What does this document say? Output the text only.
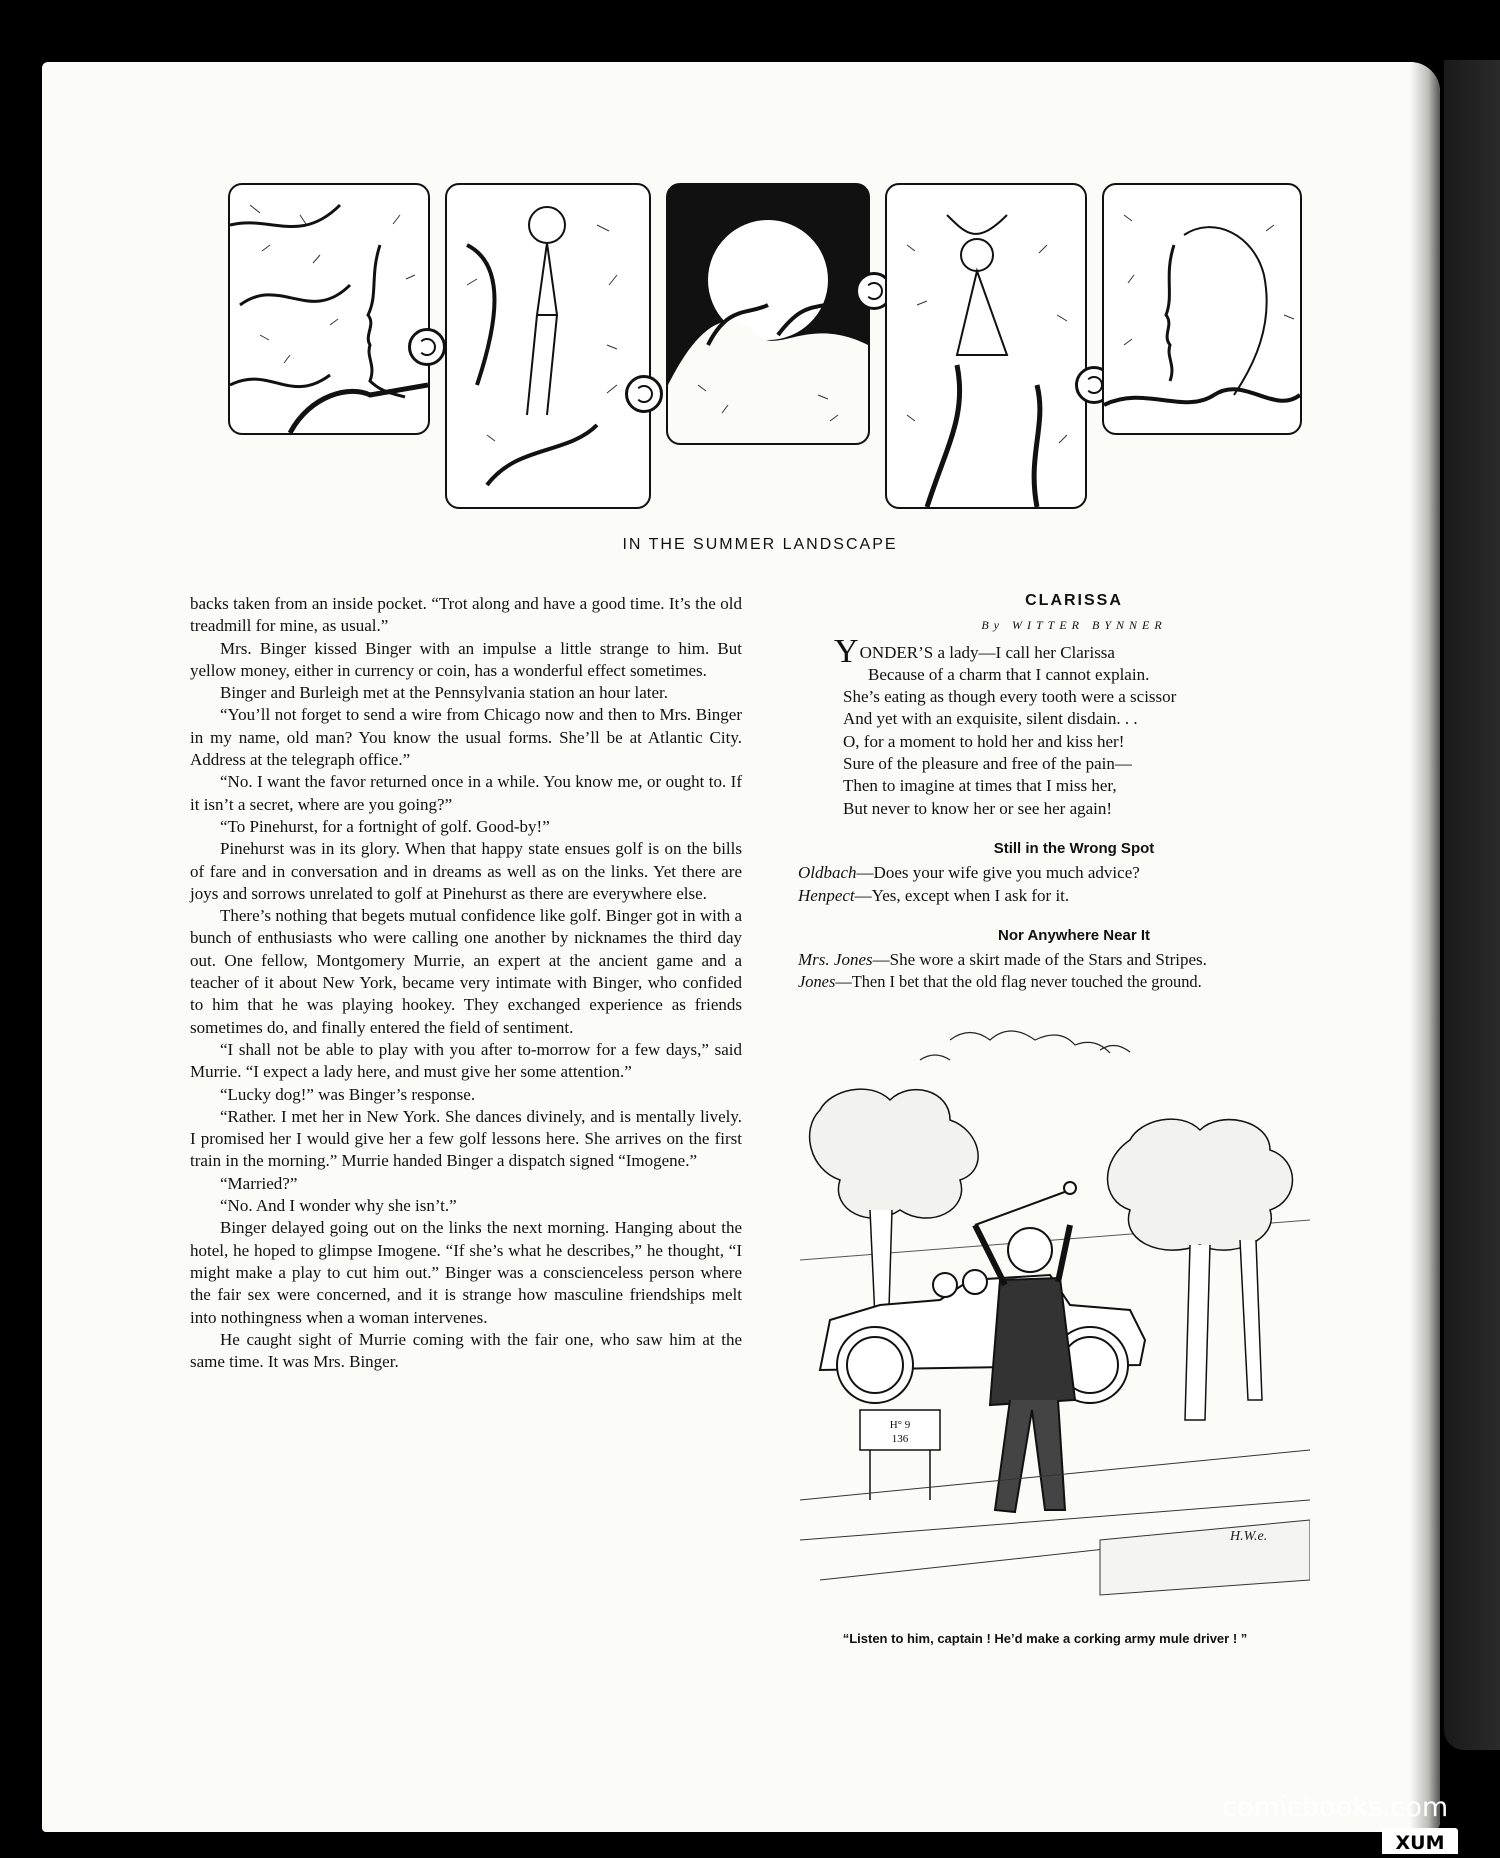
IN THE SUMMER LANDSCAPE

backs taken from an inside pocket. “Trot along and have a good time. It’s the old treadmill for mine, as usual.”

Mrs. Binger kissed Binger with an impulse a little strange to him. But yellow money, either in currency or coin, has a wonderful effect sometimes.

Binger and Burleigh met at the Pennsylvania station an hour later.

“You’ll not forget to send a wire from Chicago now and then to Mrs. Binger in my name, old man? You know the usual forms. She’ll be at Atlantic City. Address at the telegraph office.”

“No. I want the favor returned once in a while. You know me, or ought to. If it isn’t a secret, where are you going?”

“To Pinehurst, for a fortnight of golf. Good-by!”

Pinehurst was in its glory. When that happy state ensues golf is on the bills of fare and in conversation and in dreams as well as on the links. Yet there are joys and sorrows unrelated to golf at Pinehurst as there are everywhere else.

There’s nothing that begets mutual confidence like golf. Binger got in with a bunch of enthusiasts who were calling one another by nicknames the third day out. One fellow, Montgomery Murrie, an expert at the ancient game and a teacher of it about New York, became very intimate with Binger, who confided to him that he was playing hookey. They exchanged experience as friends sometimes do, and finally entered the field of sentiment.

“I shall not be able to play with you after to-morrow for a few days,” said Murrie. “I expect a lady here, and must give her some attention.”

“Lucky dog!” was Binger’s response.

“Rather. I met her in New York. She dances divinely, and is mentally lively. I promised her I would give her a few golf lessons here. She arrives on the first train in the morning.” Murrie handed Binger a dispatch signed “Imogene.”

“Married?”

“No. And I wonder why she isn’t.”

Binger delayed going out on the links the next morning. Hanging about the hotel, he hoped to glimpse Imogene. “If she’s what he describes,” he thought, “I might make a play to cut him out.” Binger was a conscienceless person where the fair sex were concerned, and it is strange how masculine friendships melt into nothingness when a woman intervenes.

He caught sight of Murrie coming with the fair one, who saw him at the same time. It was Mrs. Binger.

CLARISSA
By WITTER BYNNER

YONDER’S a lady—I call her Clarissa

Because of a charm that I cannot explain.

She’s eating as though every tooth were a scissor

And yet with an exquisite, silent disdain. . .

O, for a moment to hold her and kiss her!

Sure of the pleasure and free of the pain—

Then to imagine at times that I miss her,

But never to know her or see her again!

Still in the Wrong Spot

Oldbach—Does your wife give you much advice?

Henpect—Yes, except when I ask for it.

Nor Anywhere Near It

Mrs. Jones—She wore a skirt made of the Stars and Stripes.

Jones—Then I bet that the old flag never touched the ground.

H° 9
136
H.W.e.
“Listen to him, captain ! He’d make a corking army mule driver ! ”
comicbooks.com
XUM
